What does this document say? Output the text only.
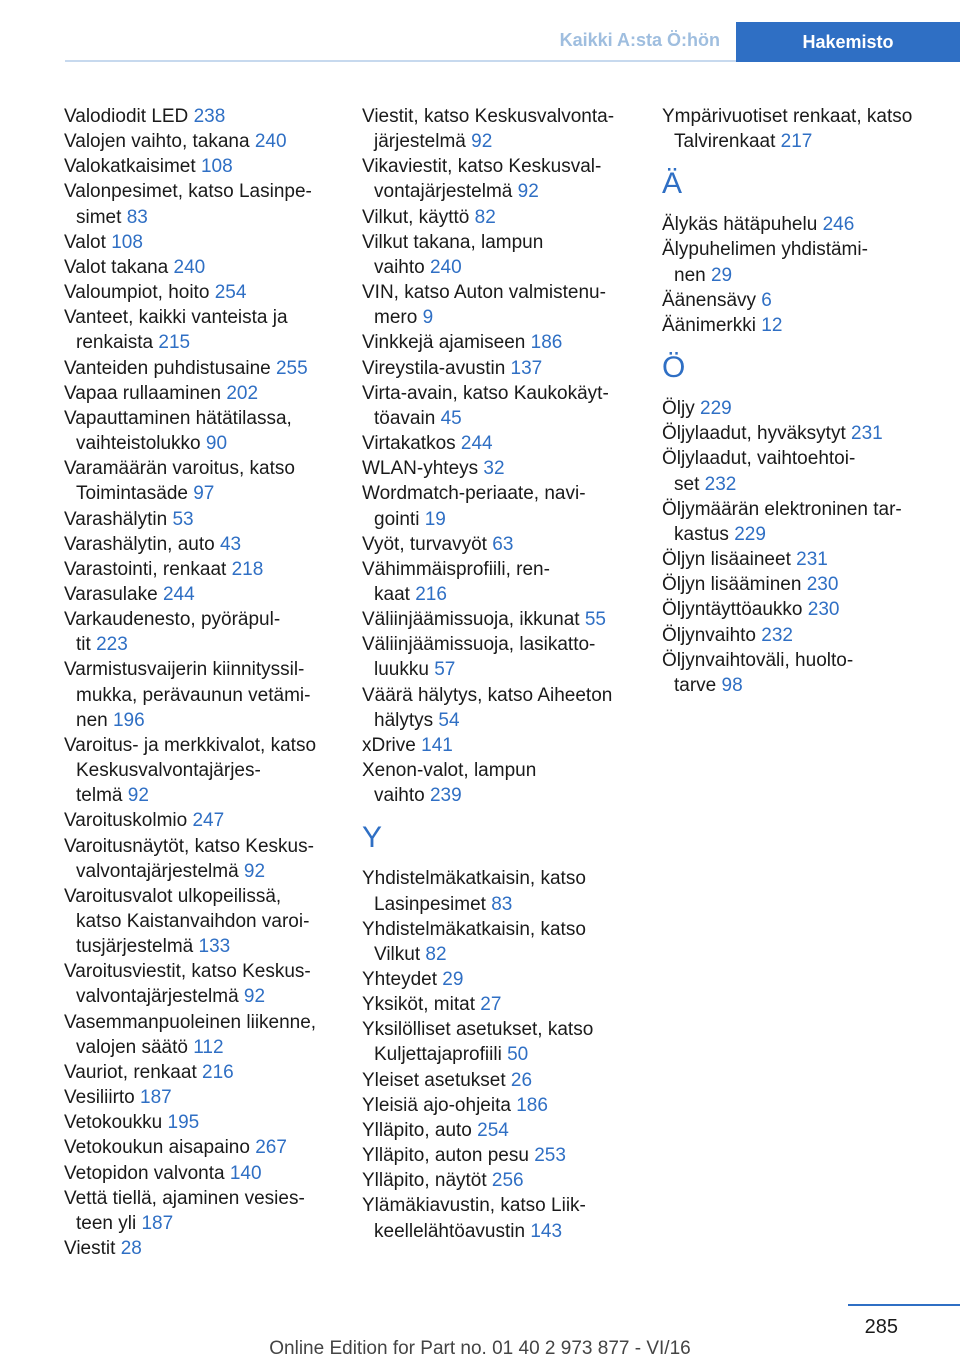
Kaikki A:sta Ö:hön	Hakemisto
Valodiodit LED 238
Valojen vaihto, takana 240
Valokatkaisimet 108
Valonpesimet, katso Lasinpe-
simet 83
Valot 108
Valot takana 240
Valoumpiot, hoito 254
Vanteet, kaikki vanteista ja
renkaista 215
Vanteiden puhdistusaine 255
Vapaa rullaaminen 202
Vapauttaminen hätätilassa,
vaihteistolukko 90
Varamäärän varoitus, katso
Toimintasäde 97
Varashälytin 53
Varashälytin, auto 43
Varastointi, renkaat 218
Varasulake 244
Varkaudenesto, pyöräpul-
tit 223
Varmistusvaijerin kiinnityssil-
mukka, perävaunun vetämi-
nen 196
Varoitus- ja merkkivalot, katso
Keskusvalvontajärjes-
telmä 92
Varoituskolmio 247
Varoitusnäytöt, katso Keskus-
valvontajärjestelmä 92
Varoitusvalot ulkopeilissä,
katso Kaistanvaihdon varoi-
tusjärjestelmä 133
Varoitusviestit, katso Keskus-
valvontajärjestelmä 92
Vasemmanpuoleinen liikenne,
valojen säätö 112
Vauriot, renkaat 216
Vesiliirto 187
Vetokoukku 195
Vetokoukun aisapaino 267
Vetopidon valvonta 140
Vettä tiellä, ajaminen vesies-
teen yli 187
Viestit 28
Viestit, katso Keskusvalvonta-
järjestelmä 92
Vikaviestit, katso Keskusval-
vontajärjestelmä 92
Vilkut, käyttö 82
Vilkut takana, lampun
vaihto 240
VIN, katso Auton valmistenu-
mero 9
Vinkkejä ajamiseen 186
Vireystila-avustin 137
Virta-avain, katso Kaukokäyt-
töavain 45
Virtakatkos 244
WLAN-yhteys 32
Wordmatch-periaate, navi-
gointi 19
Vyöt, turvavyöt 63
Vähimmäisprofiili, ren-
kaat 216
Väliinjäämissuoja, ikkunat 55
Väliinjäämissuoja, lasikatto-
luukku 57
Väärä hälytys, katso Aiheeton
hälytys 54
xDrive 141
Xenon-valot, lampun
vaihto 239
Y
Yhdistelmäkatkaisin, katso
Lasinpesimet 83
Yhdistelmäkatkaisin, katso
Vilkut 82
Yhteydet 29
Yksiköt, mitat 27
Yksilölliset asetukset, katso
Kuljettajaprofiili 50
Yleiset asetukset 26
Yleisiä ajo-ohjeita 186
Ylläpito, auto 254
Ylläpito, auton pesu 253
Ylläpito, näytöt 256
Ylämäkiavustin, katso Liik-
keellelähtöavustin 143
Ympärivuotiset renkaat, katso
Talvirenkaat 217
Ä
Älykäs hätäpuhelu 246
Älypuhelimen yhdistämi-
nen 29
Äänensävy 6
Äänimerkki 12
Ö
Öljy 229
Öljylaadut, hyväksytyt 231
Öljylaadut, vaihtoehtoi-
set 232
Öljymäärän elektroninen tar-
kastus 229
Öljyn lisäaineet 231
Öljyn lisääminen 230
Öljyntäyttöaukko 230
Öljynvaihto 232
Öljynvaihtoväli, huolto-
tarve 98
285
Online Edition for Part no. 01 40 2 973 877 - VI/16
